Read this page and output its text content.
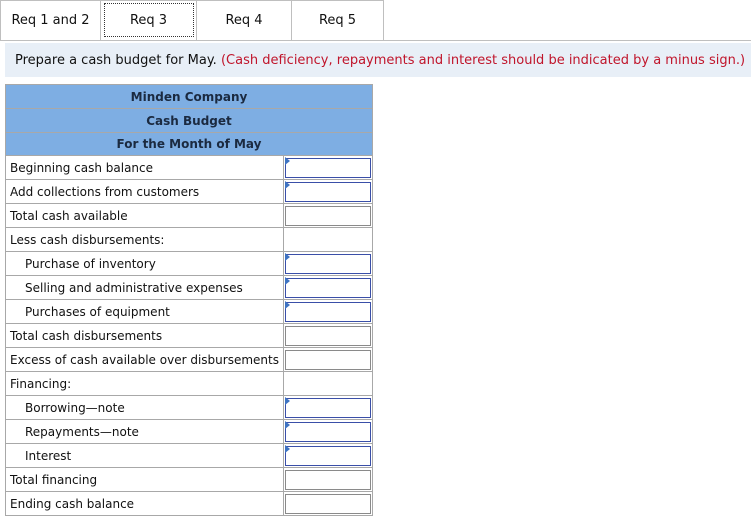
Req 1 and 2	Req 3	Req 4	Req 5
Prepare a cash budget for May.
(Cash deficiency, repayments and interest should be indicated by a minus sign.)
Minden Company
Cash Budget
For the Month of May
Beginning cash balance
Add collections from customers
Total cash available
Less cash disbursements:
Purchase of inventory
Selling and administrative expenses
Purchases of equipment
Total cash disbursements
Excess of cash available over disbursements
Financing:
Borrowing—note
Repayments—note
Interest
Total financing
Ending cash balance
